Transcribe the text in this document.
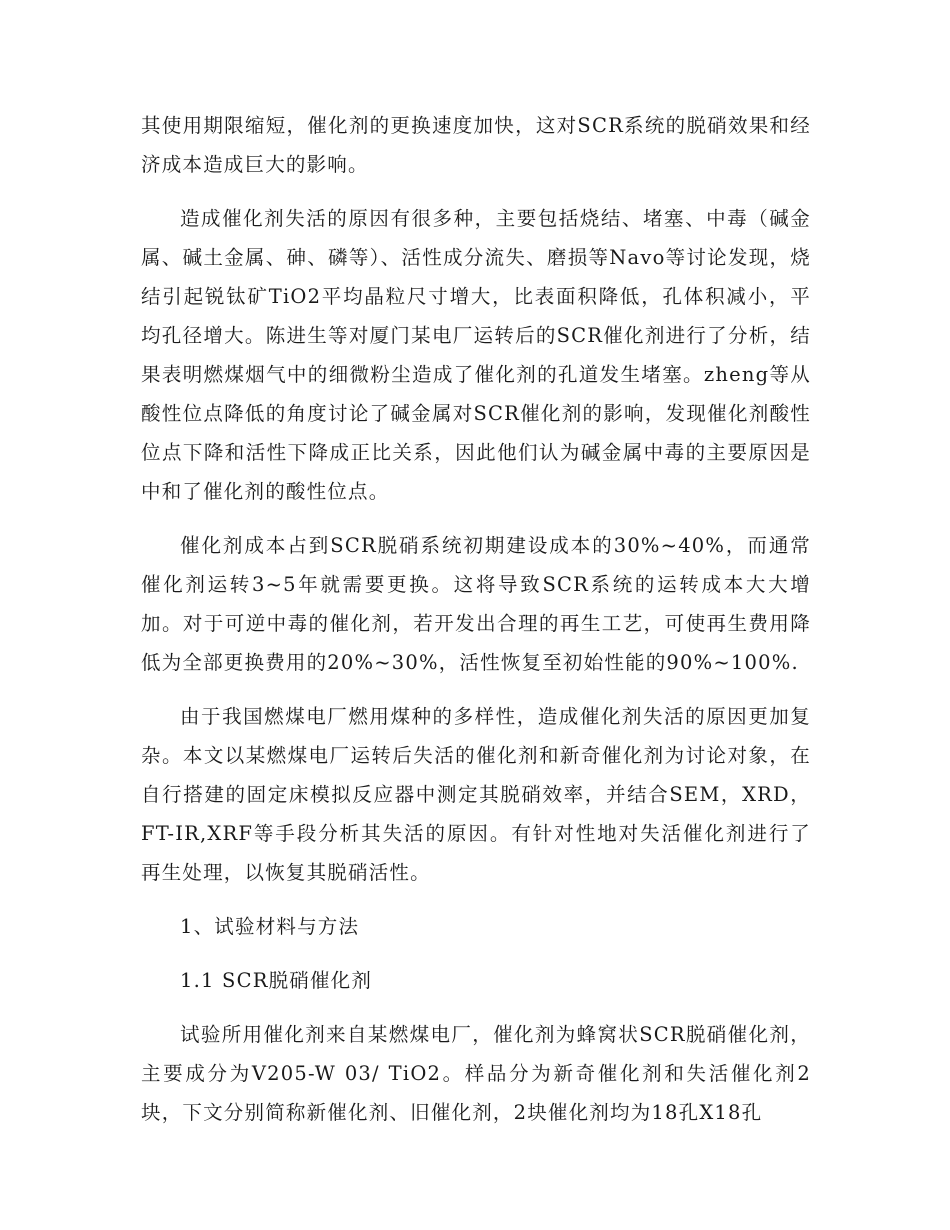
其使用期限缩短，催化剂的更换速度加快，这对SCR系统的脱硝效果和经济成本造成巨大的影响。

造成催化剂失活的原因有很多种，主要包括烧结、堵塞、中毒（碱金属、碱土金属、砷、磷等）、活性成分流失、磨损等Navo等讨论发现，烧结引起锐钛矿TiO2平均晶粒尺寸增大，比表面积降低，孔体积减小，平均孔径增大。陈进生等对厦门某电厂运转后的SCR催化剂进行了分析，结果表明燃煤烟气中的细微粉尘造成了催化剂的孔道发生堵塞。zheng等从酸性位点降低的角度讨论了碱金属对SCR催化剂的影响，发现催化剂酸性位点下降和活性下降成正比关系，因此他们认为碱金属中毒的主要原因是中和了催化剂的酸性位点。

催化剂成本占到SCR脱硝系统初期建设成本的30%~40%，而通常催化剂运转3~5年就需要更换。这将导致SCR系统的运转成本大大增加。对于可逆中毒的催化剂，若开发出合理的再生工艺，可使再生费用降低为全部更换费用的20%~30%，活性恢复至初始性能的90%~100%.

由于我国燃煤电厂燃用煤种的多样性，造成催化剂失活的原因更加复杂。本文以某燃煤电厂运转后失活的催化剂和新奇催化剂为讨论对象，在自行搭建的固定床模拟反应器中测定其脱硝效率，并结合SEM，XRD，FT-IR,XRF等手段分析其失活的原因。有针对性地对失活催化剂进行了再生处理，以恢复其脱硝活性。

1、试验材料与方法

1.1 SCR脱硝催化剂

试验所用催化剂来自某燃煤电厂，催化剂为蜂窝状SCR脱硝催化剂，主要成分为V205-W 03/ TiO2。样品分为新奇催化剂和失活催化剂2块，下文分别简称新催化剂、旧催化剂，2块催化剂均为18孔X18孔
